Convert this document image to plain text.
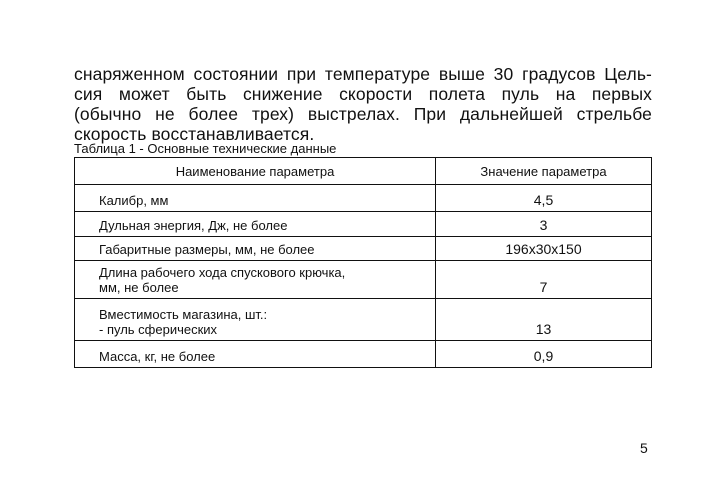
снаряженном состоянии при температуре выше 30 градусов Цель-
сия может быть снижение скорости полета пуль на первых
(обычно не более трех) выстрелах. При дальнейшей стрельбе
скорость восстанавливается.
Таблица 1 - Основные технические данные
Наименование параметра	Значение параметра

Калибр, мм	4,5

Дульная энергия, Дж, не более	3

Габаритные размеры, мм, не более	196x30x150

Длина рабочего хода спускового крючка,
мм, не более	7

Вместимость магазина, шт.:
- пуль сферических	13

Масса, кг, не более	0,9
5
